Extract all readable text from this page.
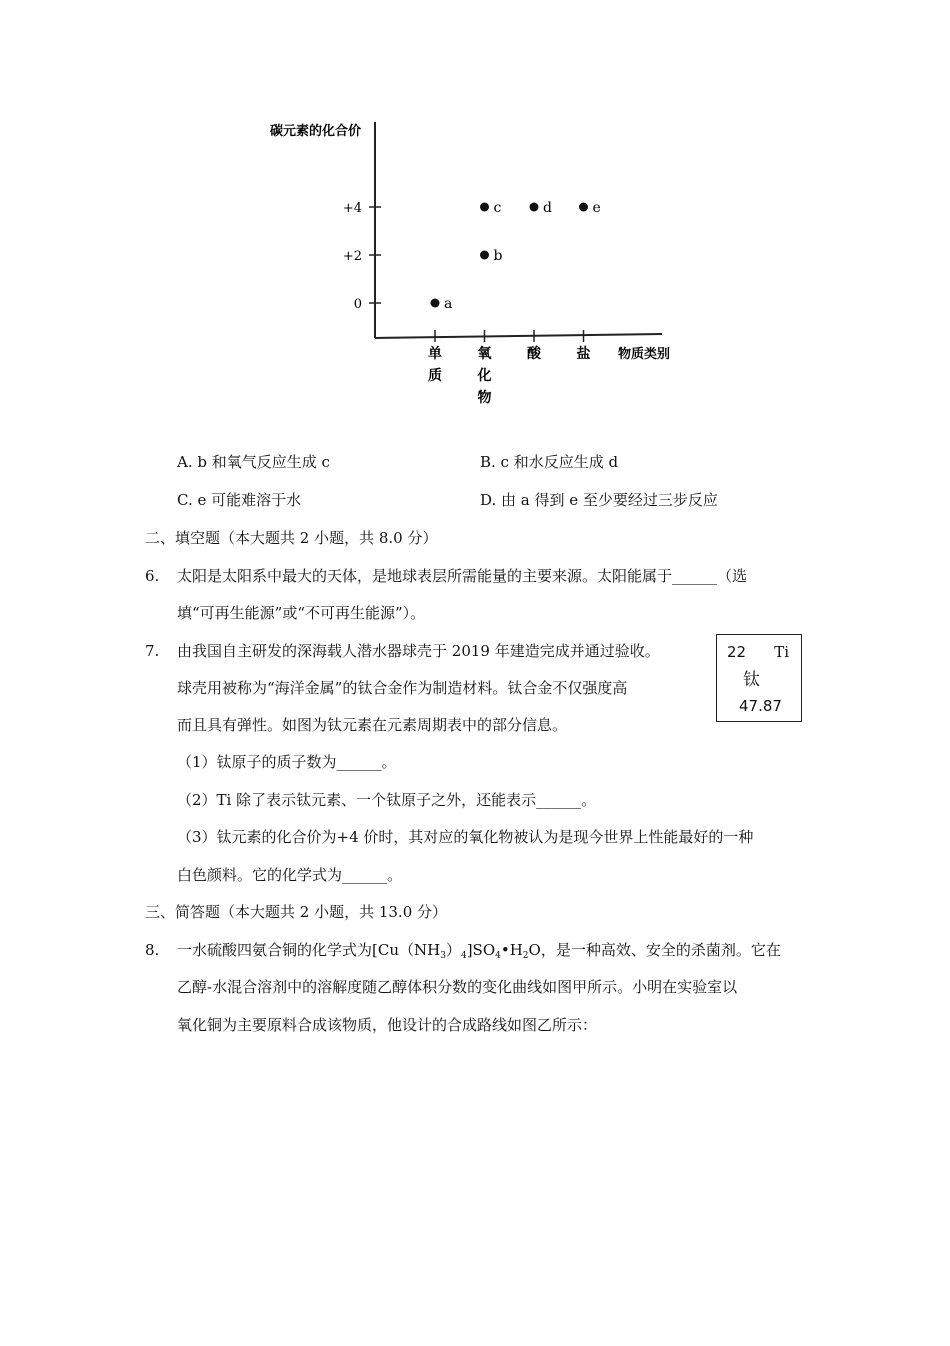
碳元素的化合价
物质类别
+4
+2
0
单
质
氧
化
物
酸	盐
a
b
c	d	e
A. b 和氧气反应生成 c	B. c 和水反应生成 d
C. e 可能难溶于水	D. 由 a 得到 e 至少要经过三步反应
二、填空题（本大题共 2 小题，共 8.0 分）
6. 太阳是太阳系中最大的天体，是地球表层所需能量的主要来源。太阳能属于______（选
填“可再生能源”或“不可再生能源”）。
7. 由我国自主研发的深海载人潜水器球壳于 2019 年建造完成并通过验收。
球壳用被称为“海洋金属”的钛合金作为制造材料。钛合金不仅强度高
而且具有弹性。如图为钛元素在元素周期表中的部分信息。
22 Ti
钛
47.87
（1）钛原子的质子数为______。
（2）Ti 除了表示钛元素、一个钛原子之外，还能表示______。
（3）钛元素的化合价为+4 价时，其对应的氧化物被认为是现今世界上性能最好的一种
白色颜料。它的化学式为______。
三、简答题（本大题共 2 小题，共 13.0 分）
8. 一水硫酸四氨合铜的化学式为$[Cu(NH_3)_4]SO_4•H_2O$，是一种高效、安全的杀菌剂。它在
乙醇-水混合溶剂中的溶解度随乙醇体积分数的变化曲线如图甲所示。小明在实验室以
氧化铜为主要原料合成该物质，他设计的合成路线如图乙所示：
